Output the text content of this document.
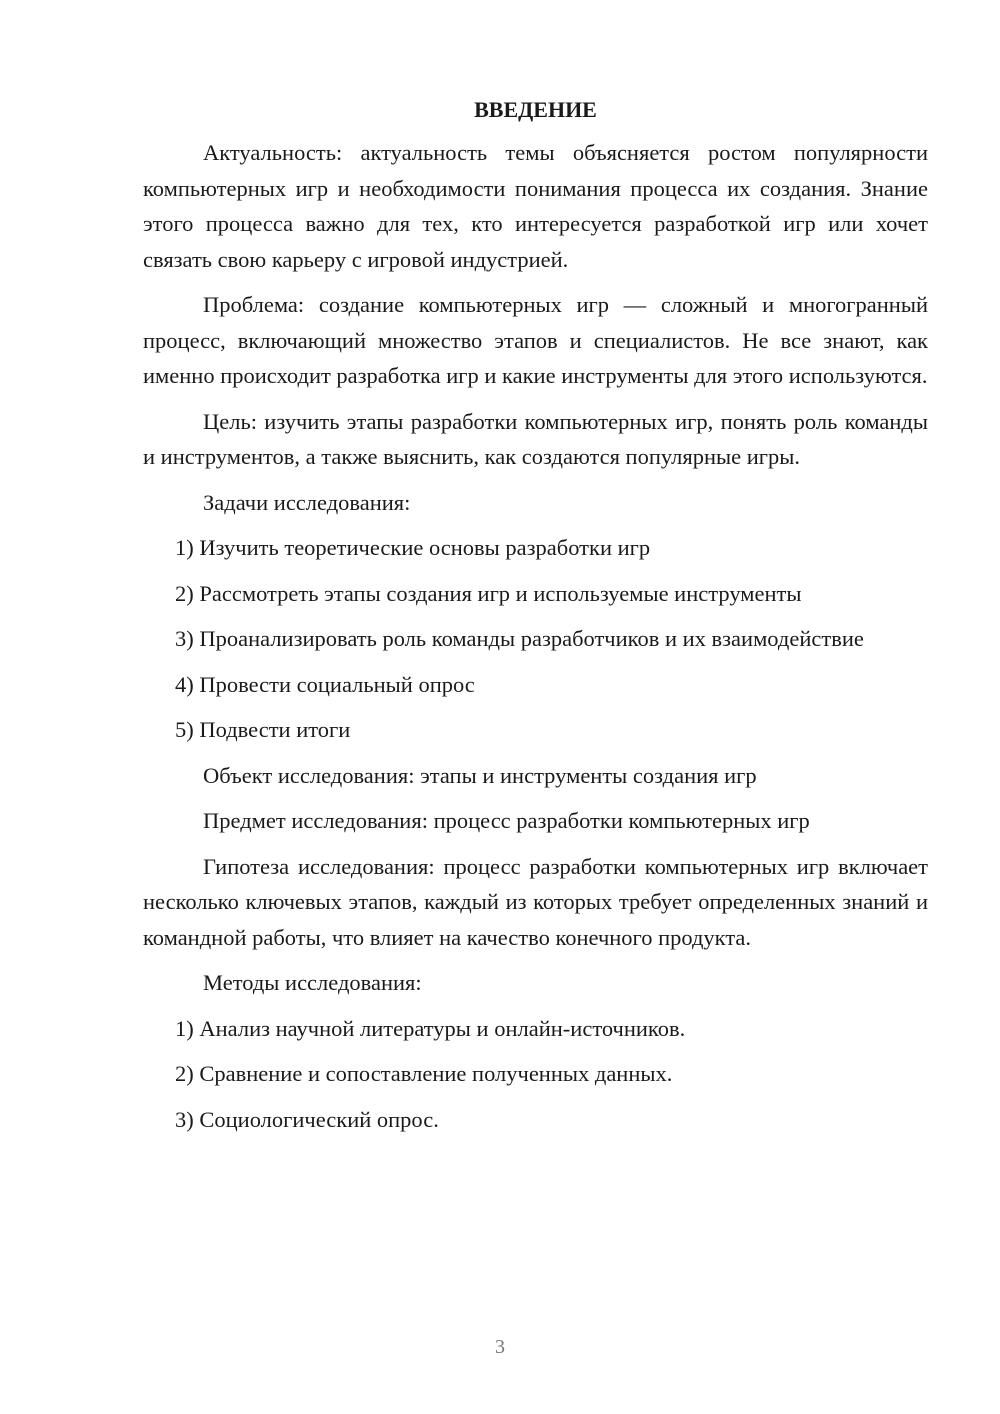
ВВЕДЕНИЕ

Актуальность: актуальность темы объясняется ростом популярности компьютерных игр и необходимости понимания процесса их создания. Знание этого процесса важно для тех, кто интересуется разработкой игр или хочет связать свою карьеру с игровой индустрией.

Проблема: создание компьютерных игр — сложный и многогранный процесс, включающий множество этапов и специалистов. Не все знают, как именно происходит разработка игр и какие инструменты для этого используются.

Цель: изучить этапы разработки компьютерных игр, понять роль команды и инструментов, а также выяснить, как создаются популярные игры.

Задачи исследования:

1) Изучить теоретические основы разработки игр

2) Рассмотреть этапы создания игр и используемые инструменты

3) Проанализировать роль команды разработчиков и их взаимодействие

4) Провести социальный опрос

5) Подвести итоги

Объект исследования: этапы и инструменты создания игр

Предмет исследования: процесс разработки компьютерных игр

Гипотеза исследования: процесс разработки компьютерных игр включает несколько ключевых этапов, каждый из которых требует определенных знаний и командной работы, что влияет на качество конечного продукта.

Методы исследования:

1) Анализ научной литературы и онлайн-источников.

2) Сравнение и сопоставление полученных данных.

3) Социологический опрос.

3
